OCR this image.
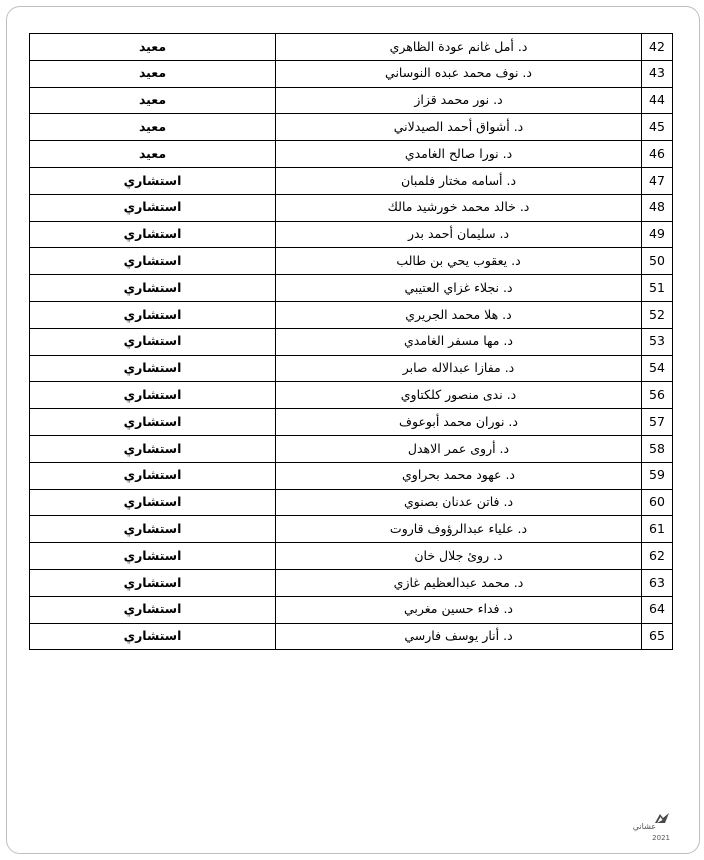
معيد	د. أمل غانم عودة الظاهري	42
معيد	د. نوف محمد عبده النوساني	43
معيد	د. نور محمد قزاز	44
معيد	د. أشواق أحمد الصيدلاني	45
معيد	د. نورا صالح الغامدي	46
استشاري	د. أسامه مختار فلمبان	47
استشاري	د. خالد محمد خورشيد مالك	48
استشاري	د. سليمان أحمد بدر	49
استشاري	د. يعقوب يحي بن طالب	50
استشاري	د. نجلاء غزاي العتيبي	51
استشاري	د. هلا محمد الجريري	52
استشاري	د. مها مسفر الغامدي	53
استشاري	د. مفازا عبدالاله صابر	54
استشاري	د. ندى منصور كلكتاوي	56
استشاري	د. نوران محمد أبوعوف	57
استشاري	د. أروى عمر الاهدل	58
استشاري	د. عهود محمد بحراوي	59
استشاري	د. فاتن عدنان بصنوي	60
استشاري	د. علياء عبدالرؤوف قاروت	61
استشاري	د. روئ جلال خان	62
استشاري	د. محمد عبدالعظيم غازي	63
استشاري	د. فداء حسين مغربي	64
استشاري	د. أنار يوسف فارسي	65
عشاني
2021
